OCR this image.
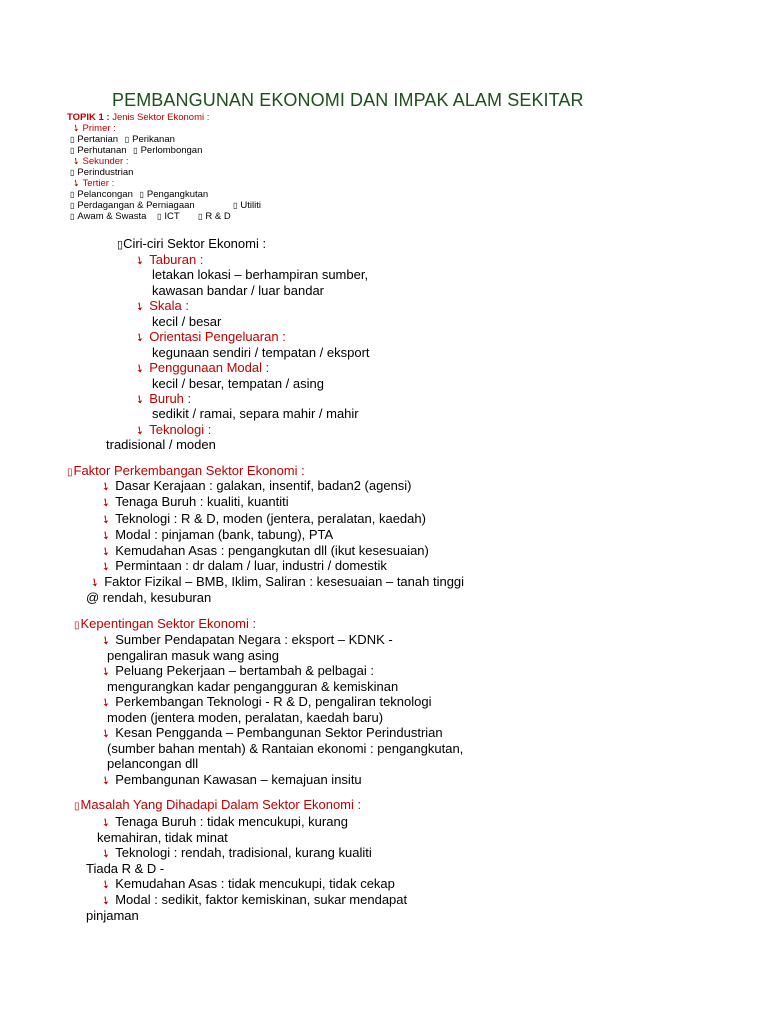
PEMBANGUNAN EKONOMI DAN IMPAK ALAM SEKITAR
TOPIK 1 : Jenis Sektor Ekonomi :
➘Primer :
▯ Pertanian ▯ Perikanan
▯ Perhutanan ▯ Perlombongan
➘Sekunder :
▯ Perindustrian
➘Tertier :
▯ Pelancongan ▯ Pengangkutan
▯ Perdagangan & Perniagaan	▯ Utiliti
▯ Awam & Swasta ▯ ICT ▯ R & D
▯Ciri-ciri Sektor Ekonomi :
➘ Taburan :
letakan lokasi – berhampiran sumber,
kawasan bandar / luar bandar
➘ Skala :
kecil / besar
➘ Orientasi Pengeluaran :
kegunaan sendiri / tempatan / eksport
➘ Penggunaan Modal :
kecil / besar, tempatan / asing
➘ Buruh :
sedikit / ramai, separa mahir / mahir
➘ Teknologi :
tradisional / moden
▯Faktor Perkembangan Sektor Ekonomi :
➘ Dasar Kerajaan : galakan, insentif, badan2 (agensi)
➘ Tenaga Buruh : kualiti, kuantiti
➘ Teknologi : R & D, moden (jentera, peralatan, kaedah)
➘ Modal : pinjaman (bank, tabung), PTA
➘ Kemudahan Asas : pengangkutan dll (ikut kesesuaian)
➘ Permintaan : dr dalam / luar, industri / domestik
➘ Faktor Fizikal – BMB, Iklim, Saliran : kesesuaian – tanah tinggi
@ rendah, kesuburan
▯Kepentingan Sektor Ekonomi :
➘ Sumber Pendapatan Negara : eksport – KDNK -
pengaliran masuk wang asing
➘ Peluang Pekerjaan – bertambah & pelbagai :
mengurangkan kadar pengangguran & kemiskinan
➘ Perkembangan Teknologi - R & D, pengaliran teknologi
moden (jentera moden, peralatan, kaedah baru)
➘ Kesan Pengganda – Pembangunan Sektor Perindustrian
(sumber bahan mentah) & Rantaian ekonomi : pengangkutan,
pelancongan dll
➘ Pembangunan Kawasan – kemajuan insitu
▯Masalah Yang Dihadapi Dalam Sektor Ekonomi :
➘ Tenaga Buruh : tidak mencukupi, kurang
kemahiran, tidak minat
➘ Teknologi : rendah, tradisional, kurang kualiti
Tiada R & D -
➘ Kemudahan Asas : tidak mencukupi, tidak cekap
➘ Modal : sedikit, faktor kemiskinan, sukar mendapat
pinjaman
